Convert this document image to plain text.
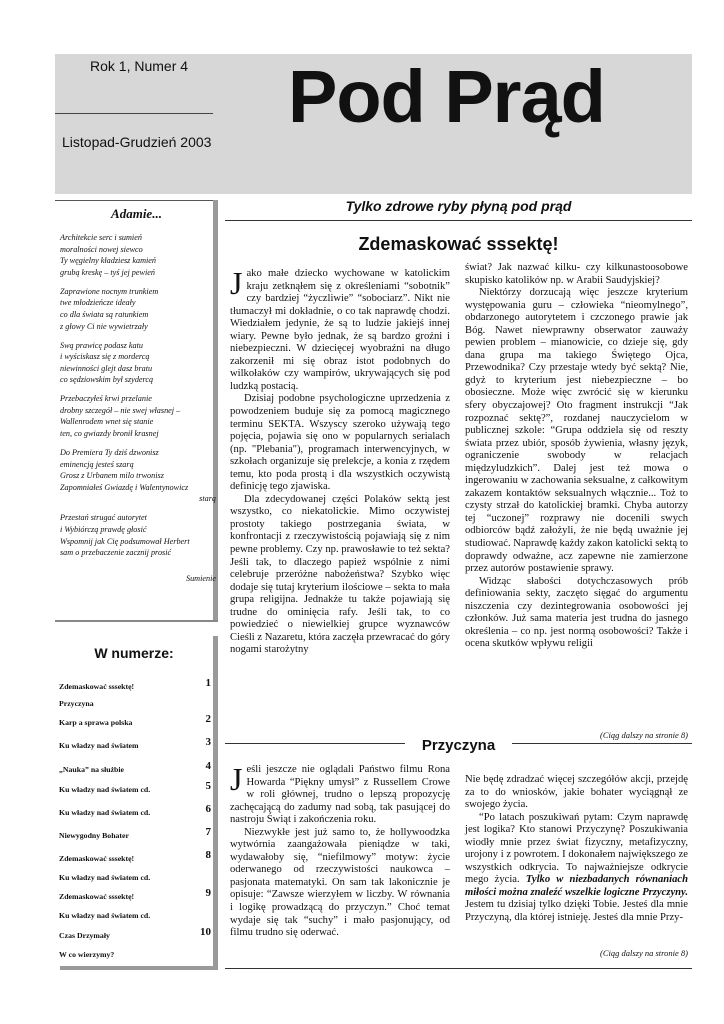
Rok 1, Numer 4
Listopad-Grudzień 2003
Pod Prąd
Adamie...

Architekcie serc i sumień
moralności nowej siewco
Ty węgielny kładziesz kamień
grubą kreskę – tyś jej pewień

Zaprawione nocnym trunkiem
twe młodzieńcze ideały
co dla świata są ratunkiem
z głowy Ci nie wywietrzały

Swą prawicę podasz katu
i wyściskasz się z mordercą
niewinności glejt dasz bratu
co sędziowskim był szydercą

Przebaczyłeś krwi przelanie
drobny szczegół – nie swej własnej –
Wallenrodem wnet się stanie
ten, co gwiazdy bronił krasnej

Do Premiera Ty dziś dzwonisz
eminencją jesteś szarą
Grosz z Urbanem milo trwonisz
Zapomniałeś Gwiazdę i Walentynowicz

starą

Przestań strugać autorytet
i Wybiórczą prawdę głosić
Wspomnij jak Cię podsumował Herbert
sam o przebaczenie zacznij prosić

Sumienie

W numerze:
Zdemaskować sssektę!	1
Przyczyna
Karp a sprawa polska	2
Ku władzy nad światem	3
„Nauka” na służbie	4
Ku władzy nad światem cd.	5
Ku władzy nad światem cd.	6
Niewygodny Bohater	7
Zdemaskować sssektę!	8
Ku władzy nad światem cd.
Zdemaskować sssektę!	9
Ku władzy nad światem cd.
Czas Drzymały	10
W co wierzymy?
Tylko zdrowe ryby płyną pod prąd
Zdemaskować sssektę!

Jako małe dziecko wychowane w katolickim kraju zetknąłem się z określeniami “sobotnik” czy bardziej “życzliwie” “sobociarz”. Nikt nie tłumaczył mi dokładnie, o co tak naprawdę chodzi. Wiedziałem jedynie, że są to ludzie jakiejś innej wiary. Pewne było jednak, że są bardzo groźni i niebezpieczni. W dziecięcej wyobraźni na długo zakorzenił mi się obraz istot podobnych do wilkołaków czy wampirów, ukrywających się pod ludzką postacią.

Dzisiaj podobne psychologiczne uprzedzenia z powodzeniem buduje się za pomocą magicznego terminu SEKTA. Wszyscy szeroko używają tego pojęcia, pojawia się ono w popularnych serialach (np. "Plebania"), programach interwencyjnych, w szkołach organizuje się prelekcje, a konia z rzędem temu, kto poda prostą i dla wszystkich oczywistą definicję tego zjawiska.

Dla zdecydowanej części Polaków sektą jest wszystko, co niekatolickie. Mimo oczywistej prostoty takiego postrzegania świata, w konfrontacji z rzeczywistością pojawiają się z nim pewne problemy. Czy np. prawosławie to też sekta? Jeśli tak, to dlaczego papież wspólnie z nimi celebruje przeróżne nabożeństwa? Szybko więc dodaje się tutaj kryterium ilościowe – sekta to mała grupa religijna. Jednakże tu także pojawiają się trudne do ominięcia rafy. Jeśli tak, to co powiedzieć o niewielkiej grupce wyznawców Cieśli z Nazaretu, która zaczęła przewracać do góry nogami starożytny

świat? Jak nazwać kilku- czy kilkunastoosobowe skupisko katolików np. w Arabii Saudyjskiej?

Niektórzy dorzucają więc jeszcze kryterium występowania guru – człowieka “nieomylnego”, obdarzonego autorytetem i czczonego prawie jak Bóg. Nawet niewprawny obserwator zauważy pewien problem – mianowicie, co dzieje się, gdy dana grupa ma takiego Świętego Ojca, Przewodnika? Czy przestaje wtedy być sektą? Nie, gdyż to kryterium jest niebezpieczne – bo obosieczne. Może więc zwrócić się w kierunku sfery obyczajowej? Oto fragment instrukcji “Jak rozpoznać sektę?”, rozdanej nauczycielom w publicznej szkole: “Grupa oddziela się od reszty świata przez ubiór, sposób żywienia, własny język, ograniczenie swobody w relacjach międzyludzkich”. Dalej jest też mowa o ingerowaniu w zachowania seksualne, z całkowitym zakazem kontaktów seksualnych włącznie... Toż to czysty strzał do katolickiej bramki. Chyba autorzy tej “uczonej” rozprawy nie docenili swych odbiorców bądź założyli, że nie będą uważnie jej studiować. Naprawdę każdy zakon katolicki sektą to doprawdy odważne, acz zapewne nie zamierzone przez autorów postawienie sprawy.

Widząc słabości dotychczasowych prób definiowania sekty, zaczęto sięgać do argumentu niszczenia czy dezintegrowania osobowości jej członków. Już sama materia jest trudna do jasnego określenia – co np. jest normą osobowości? Także i ocena skutków wpływu religii

(Ciąg dalszy na stronie 8)
Przyczyna

Jeśli jeszcze nie oglądali Państwo filmu Rona Howarda “Piękny umysł” z Russellem Crowe w roli głównej, trudno o lepszą propozycję zachęcającą do zadumy nad sobą, tak pasującej do nastroju Świąt i zakończenia roku.

Niezwykłe jest już samo to, że hollywoodzka wytwórnia zaangażowała pieniądze w taki, wydawałoby się, “niefilmowy” motyw: życie oderwanego od rzeczywistości naukowca – pasjonata matematyki. On sam tak lakonicznie je opisuje: “Zawsze wierzyłem w liczby. W równania i logikę prowadzącą do przyczyn.” Choć temat wydaje się tak “suchy” i mało pasjonujący, od filmu trudno się oderwać.

Nie będę zdradzać więcej szczegółów akcji, przejdę za to do wniosków, jakie bohater wyciągnął ze swojego życia.

“Po latach poszukiwań pytam: Czym naprawdę jest logika? Kto stanowi Przyczynę? Poszukiwania wiodły mnie przez świat fizyczny, metafizyczny, urojony i z powrotem. I dokonałem największego ze wszystkich odkrycia. To najważniejsze odkrycie mego życia. Tylko w niezbadanych równaniach miłości można znaleźć wszelkie logiczne Przyczyny. Jestem tu dzisiaj tylko dzięki Tobie. Jesteś dla mnie Przyczyną, dla której istnieję. Jesteś dla mnie Przy-

(Ciąg dalszy na stronie 8)
